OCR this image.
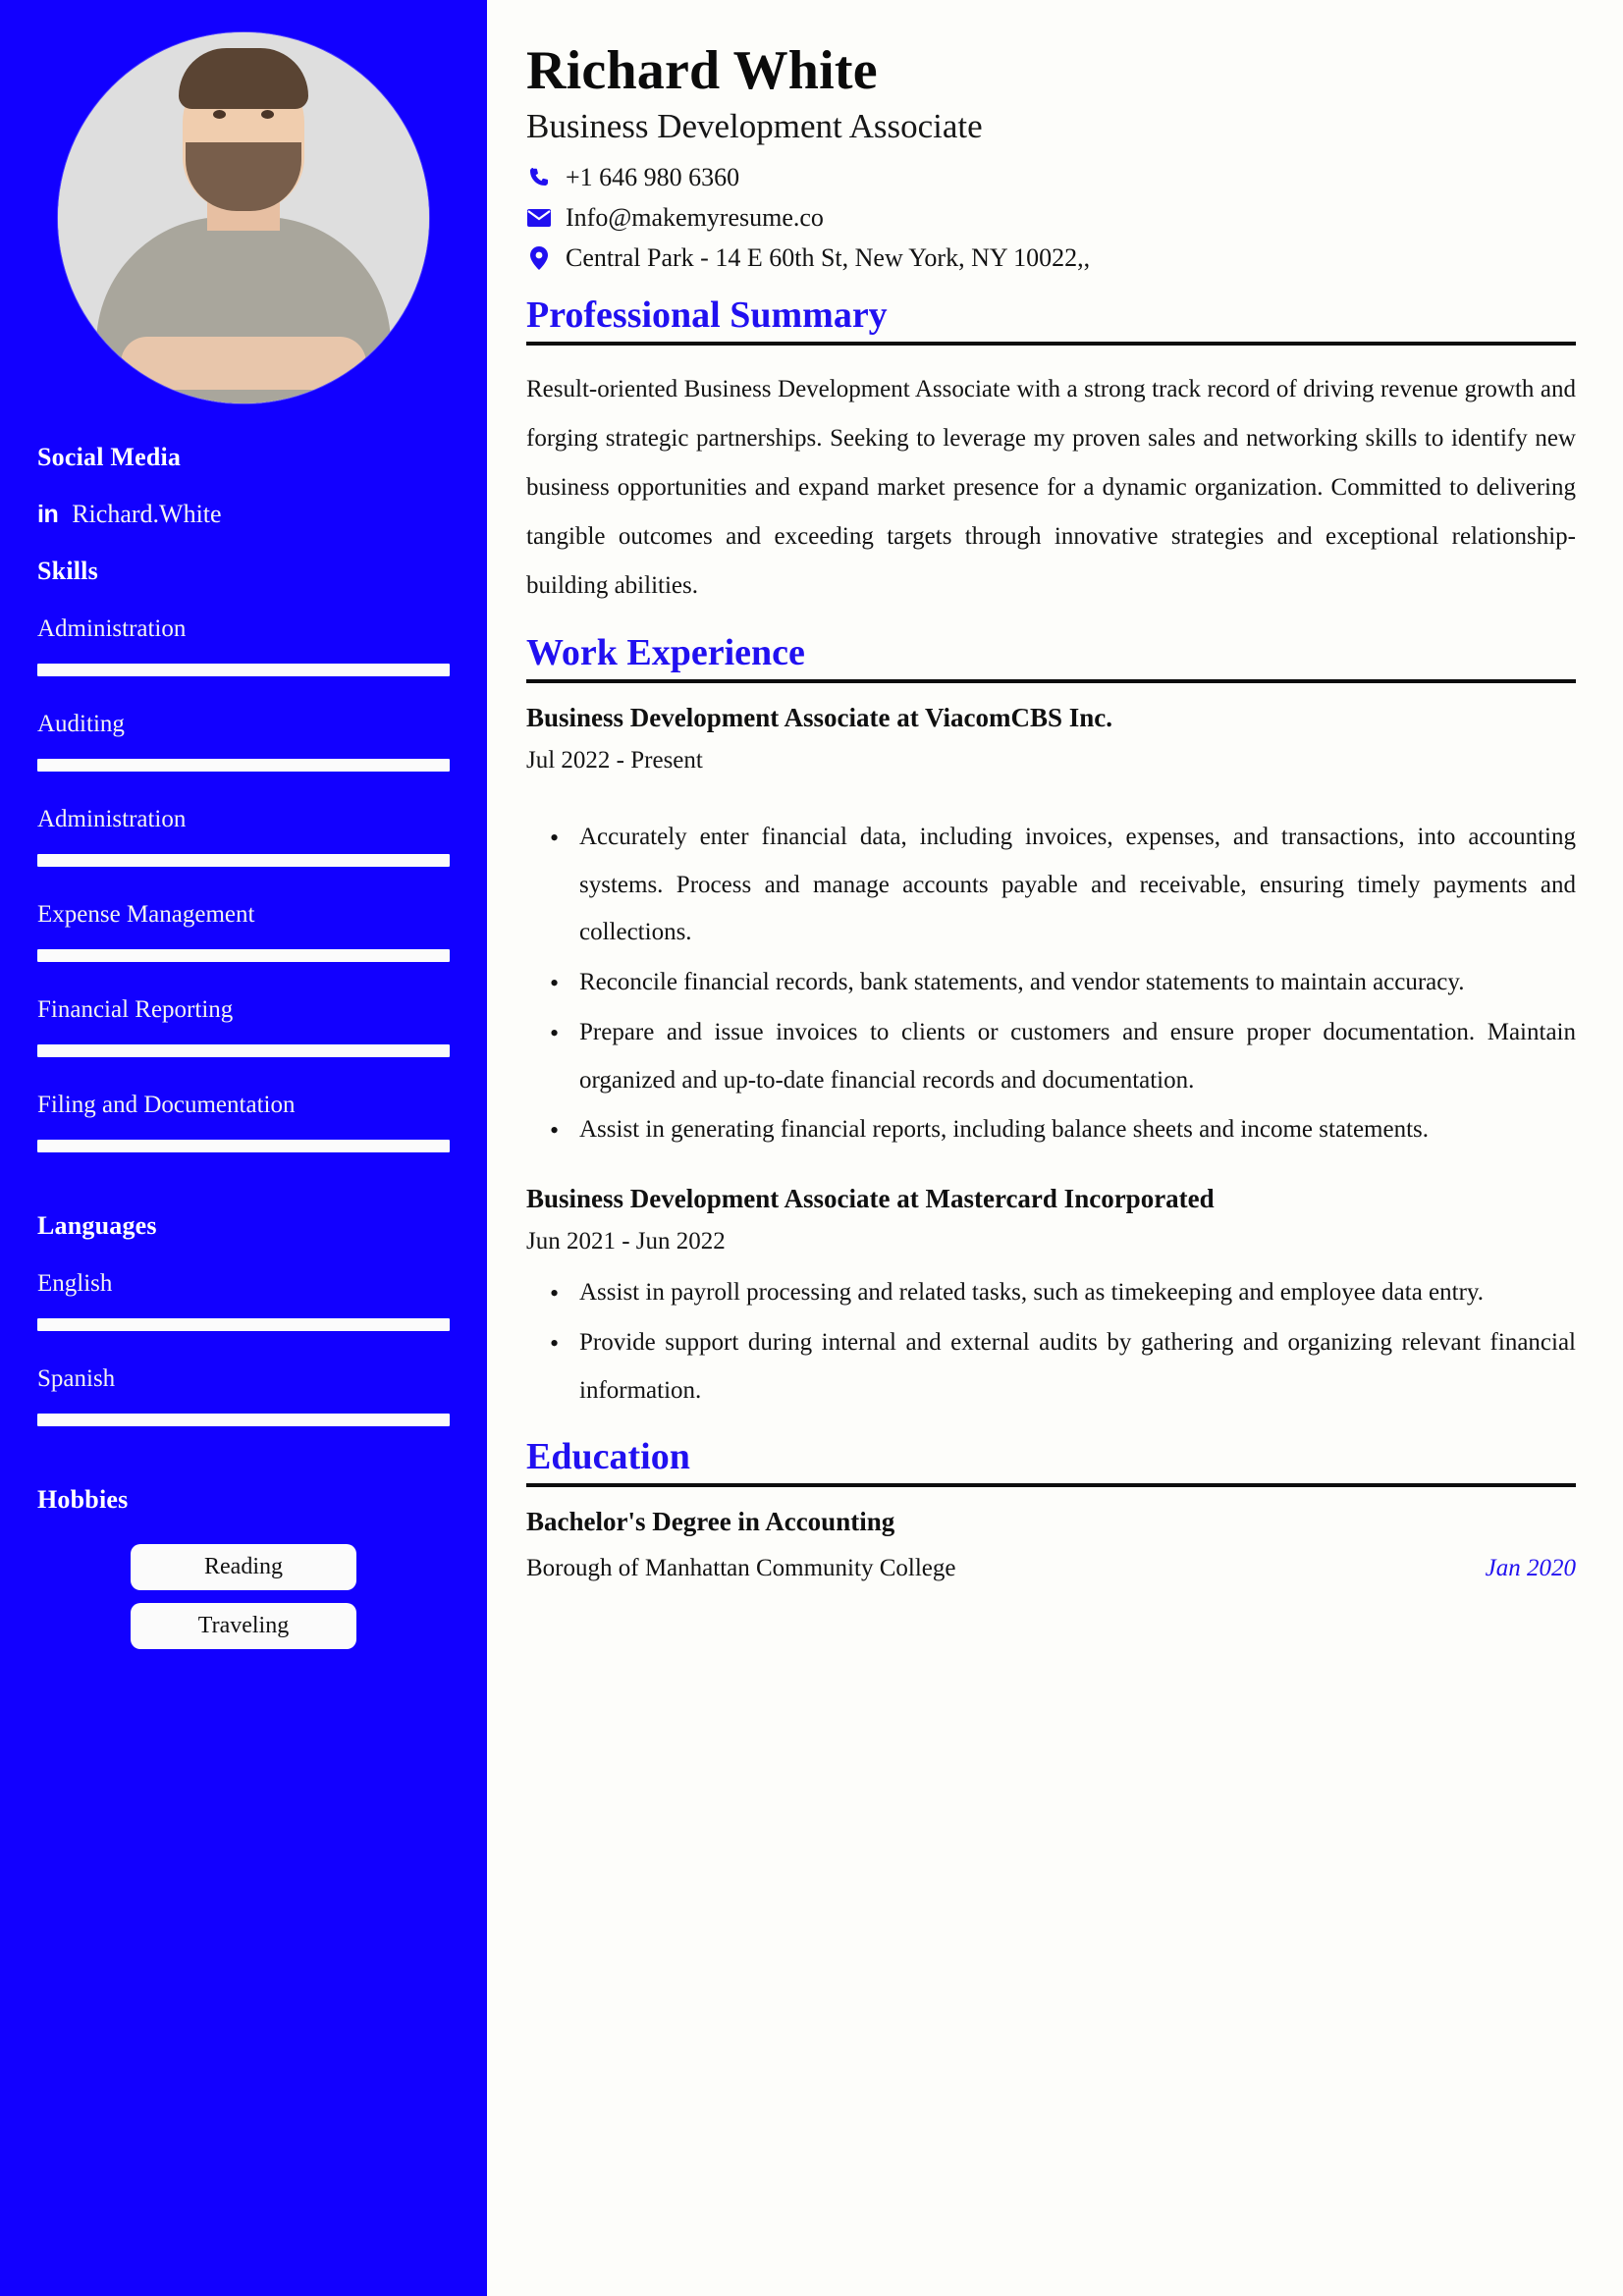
Social Media
in Richard.White
Skills
Administration
Auditing
Administration
Expense Management
Financial Reporting
Filing and Documentation
Languages
English
Spanish
Hobbies
Reading
Traveling
Richard White
Business Development Associate
+1 646 980 6360
Info@makemyresume.co
Central Park - 14 E 60th St, New York, NY 10022,,
Professional Summary

Result-oriented Business Development Associate with a strong track record of driving revenue growth and forging strategic partnerships. Seeking to leverage my proven sales and networking skills to identify new business opportunities and expand market presence for a dynamic organization. Committed to delivering tangible outcomes and exceeding targets through innovative strategies and exceptional relationship-building abilities.

Work Experience
Business Development Associate at ViacomCBS Inc.
Jul 2022 - Present
• Accurately enter financial data, including invoices, expenses, and transactions, into accounting systems. Process and manage accounts payable and receivable, ensuring timely payments and collections.
• Reconcile financial records, bank statements, and vendor statements to maintain accuracy.
• Prepare and issue invoices to clients or customers and ensure proper documentation. Maintain organized and up-to-date financial records and documentation.
• Assist in generating financial reports, including balance sheets and income statements.
Business Development Associate at Mastercard Incorporated
Jun 2021 - Jun 2022
• Assist in payroll processing and related tasks, such as timekeeping and employee data entry.
• Provide support during internal and external audits by gathering and organizing relevant financial information.
Education
Bachelor's Degree in Accounting
Borough of Manhattan Community College	Jan 2020
